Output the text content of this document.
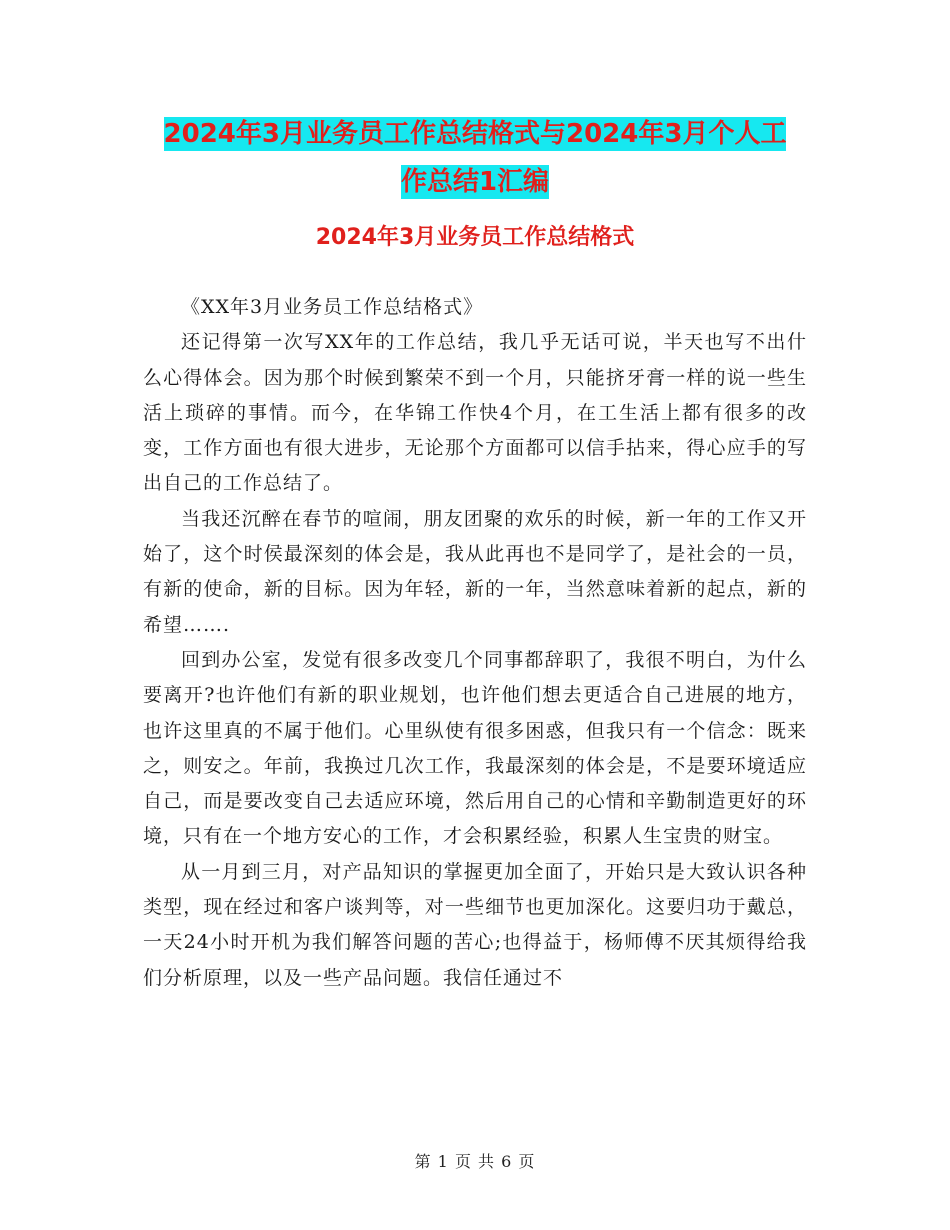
2024年3月业务员工作总结格式与2024年3月个人工
作总结1汇编
2024年3月业务员工作总结格式

《XX年3月业务员工作总结格式》

还记得第一次写XX年的工作总结，我几乎无话可说，半天也写不出什么心得体会。因为那个时候到繁荣不到一个月，只能挤牙膏一样的说一些生活上琐碎的事情。而今，在华锦工作快4个月，在工生活上都有很多的改变，工作方面也有很大进步，无论那个方面都可以信手拈来，得心应手的写出自己的工作总结了。

当我还沉醉在春节的喧闹，朋友团聚的欢乐的时候，新一年的工作又开始了，这个时侯最深刻的体会是，我从此再也不是同学了，是社会的一员，有新的使命，新的目标。因为年轻，新的一年，当然意味着新的起点，新的希望…….

回到办公室，发觉有很多改变几个同事都辞职了，我很不明白，为什么要离开?也许他们有新的职业规划，也许他们想去更适合自己进展的地方，也许这里真的不属于他们。心里纵使有很多困惑，但我只有一个信念：既来之，则安之。年前，我换过几次工作，我最深刻的体会是，不是要环境适应自己，而是要改变自己去适应环境，然后用自己的心情和辛勤制造更好的环境，只有在一个地方安心的工作，才会积累经验，积累人生宝贵的财宝。

从一月到三月，对产品知识的掌握更加全面了，开始只是大致认识各种类型，现在经过和客户谈判等，对一些细节也更加深化。这要归功于戴总，一天24小时开机为我们解答问题的苦心;也得益于，杨师傅不厌其烦得给我们分析原理，以及一些产品问题。我信任通过不

第 1 页 共 6 页
